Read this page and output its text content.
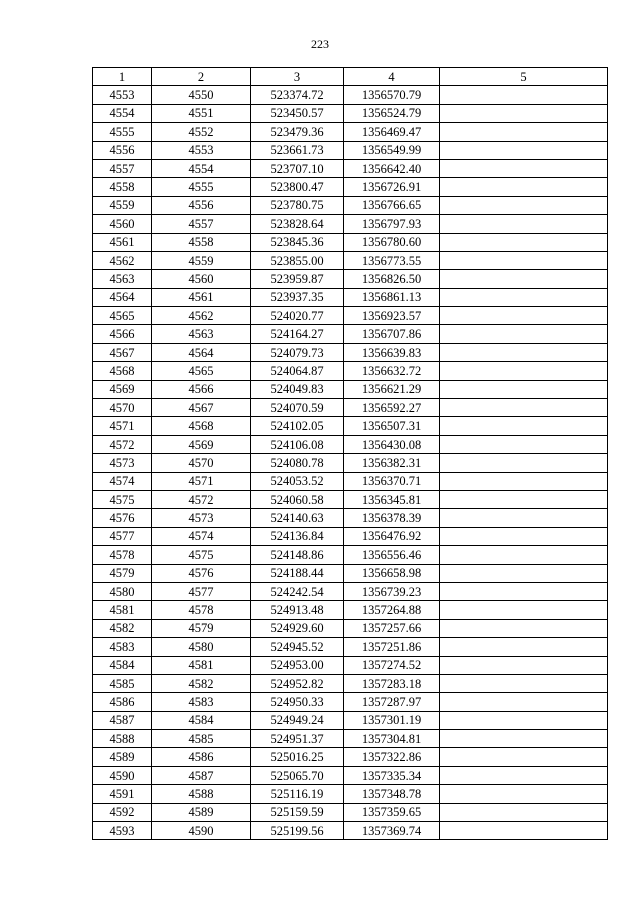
223
1	2	3	4	5
4553	4550	523374.72	1356570.79	
4554	4551	523450.57	1356524.79	
4555	4552	523479.36	1356469.47	
4556	4553	523661.73	1356549.99	
4557	4554	523707.10	1356642.40	
4558	4555	523800.47	1356726.91	
4559	4556	523780.75	1356766.65	
4560	4557	523828.64	1356797.93	
4561	4558	523845.36	1356780.60	
4562	4559	523855.00	1356773.55	
4563	4560	523959.87	1356826.50	
4564	4561	523937.35	1356861.13	
4565	4562	524020.77	1356923.57	
4566	4563	524164.27	1356707.86	
4567	4564	524079.73	1356639.83	
4568	4565	524064.87	1356632.72	
4569	4566	524049.83	1356621.29	
4570	4567	524070.59	1356592.27	
4571	4568	524102.05	1356507.31	
4572	4569	524106.08	1356430.08	
4573	4570	524080.78	1356382.31	
4574	4571	524053.52	1356370.71	
4575	4572	524060.58	1356345.81	
4576	4573	524140.63	1356378.39	
4577	4574	524136.84	1356476.92	
4578	4575	524148.86	1356556.46	
4579	4576	524188.44	1356658.98	
4580	4577	524242.54	1356739.23	
4581	4578	524913.48	1357264.88	
4582	4579	524929.60	1357257.66	
4583	4580	524945.52	1357251.86	
4584	4581	524953.00	1357274.52	
4585	4582	524952.82	1357283.18	
4586	4583	524950.33	1357287.97	
4587	4584	524949.24	1357301.19	
4588	4585	524951.37	1357304.81	
4589	4586	525016.25	1357322.86	
4590	4587	525065.70	1357335.34	
4591	4588	525116.19	1357348.78	
4592	4589	525159.59	1357359.65	
4593	4590	525199.56	1357369.74	
